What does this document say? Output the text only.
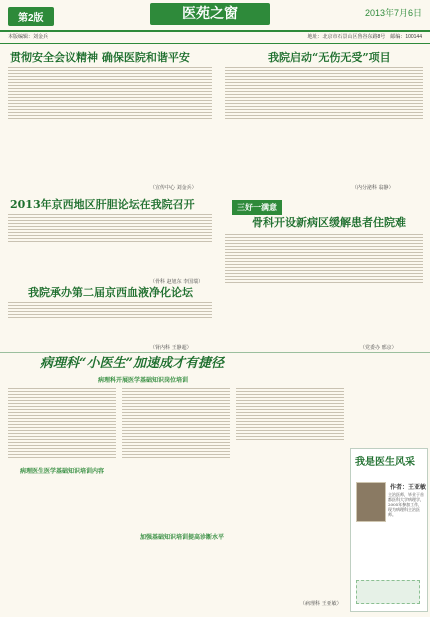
第2版	医苑之窗	2013年7月6日
本版编辑：刘金兵	地址：北京市石景山区鲁谷东路8号　 邮编：100144
贯彻安全会议精神 确保医院和谐平安
（宣传中心 刘金兵）
我院启动“无伤无受”项目
（内分泌科 翁静）
2013年京西地区肝胆论坛在我院召开
（骨科 赵旭东 李国瑞）
三好一满意
骨科开设新病区缓解患者住院难
（党委办 邢京）
我院承办第二届京西血液净化论坛
（肾内科 王静超）
病理科“小医生”加速成才有捷径
病理科开展医学基础知识岗位培训
病理医生医学基础知识培训内容
加强基础知识培训提高诊断水平
（病理科 王亚敏）
我是医生风采
作者：王亚敏
主治医师，毕业于首都医科大学病理学，2005年参加工作，现为病理科主治医师。
